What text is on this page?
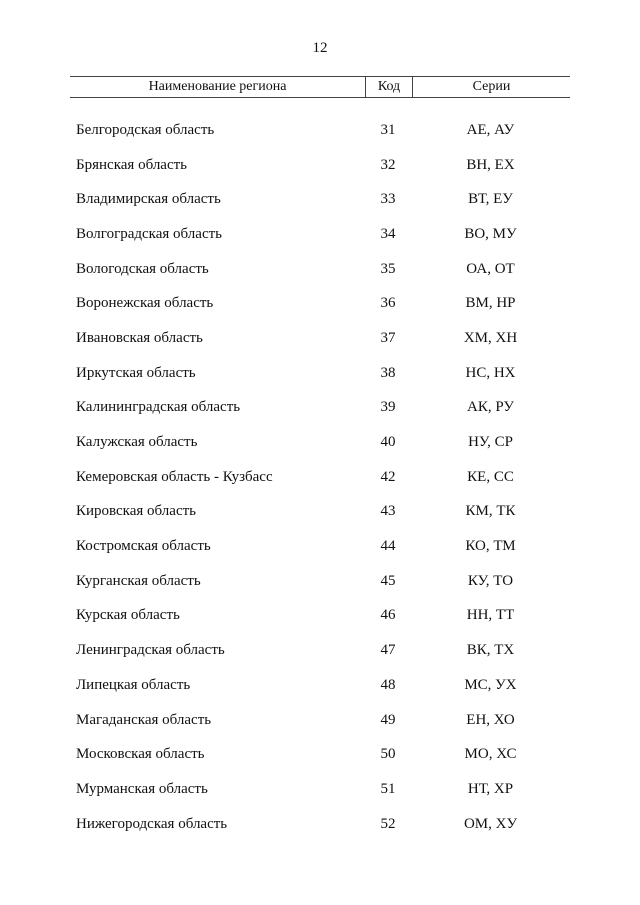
12
Наименование региона	Код	Серии
Белгородская область	31	АЕ, АУ
Брянская область	32	ВН, ЕХ
Владимирская область	33	ВТ, ЕУ
Волгоградская область	34	ВО, МУ
Вологодская область	35	ОА, ОТ
Воронежская область	36	ВМ, НР
Ивановская область	37	ХМ, ХН
Иркутская область	38	НС, НХ
Калининградская область	39	АК, РУ
Калужская область	40	НУ, СР
Кемеровская область - Кузбасс	42	КЕ, СС
Кировская область	43	КМ, ТК
Костромская область	44	КО, ТМ
Курганская область	45	КУ, ТО
Курская область	46	НН, ТТ
Ленинградская область	47	ВК, ТХ
Липецкая область	48	МС, УХ
Магаданская область	49	ЕН, ХО
Московская область	50	МО, ХС
Мурманская область	51	НТ, ХР
Нижегородская область	52	ОМ, ХУ
